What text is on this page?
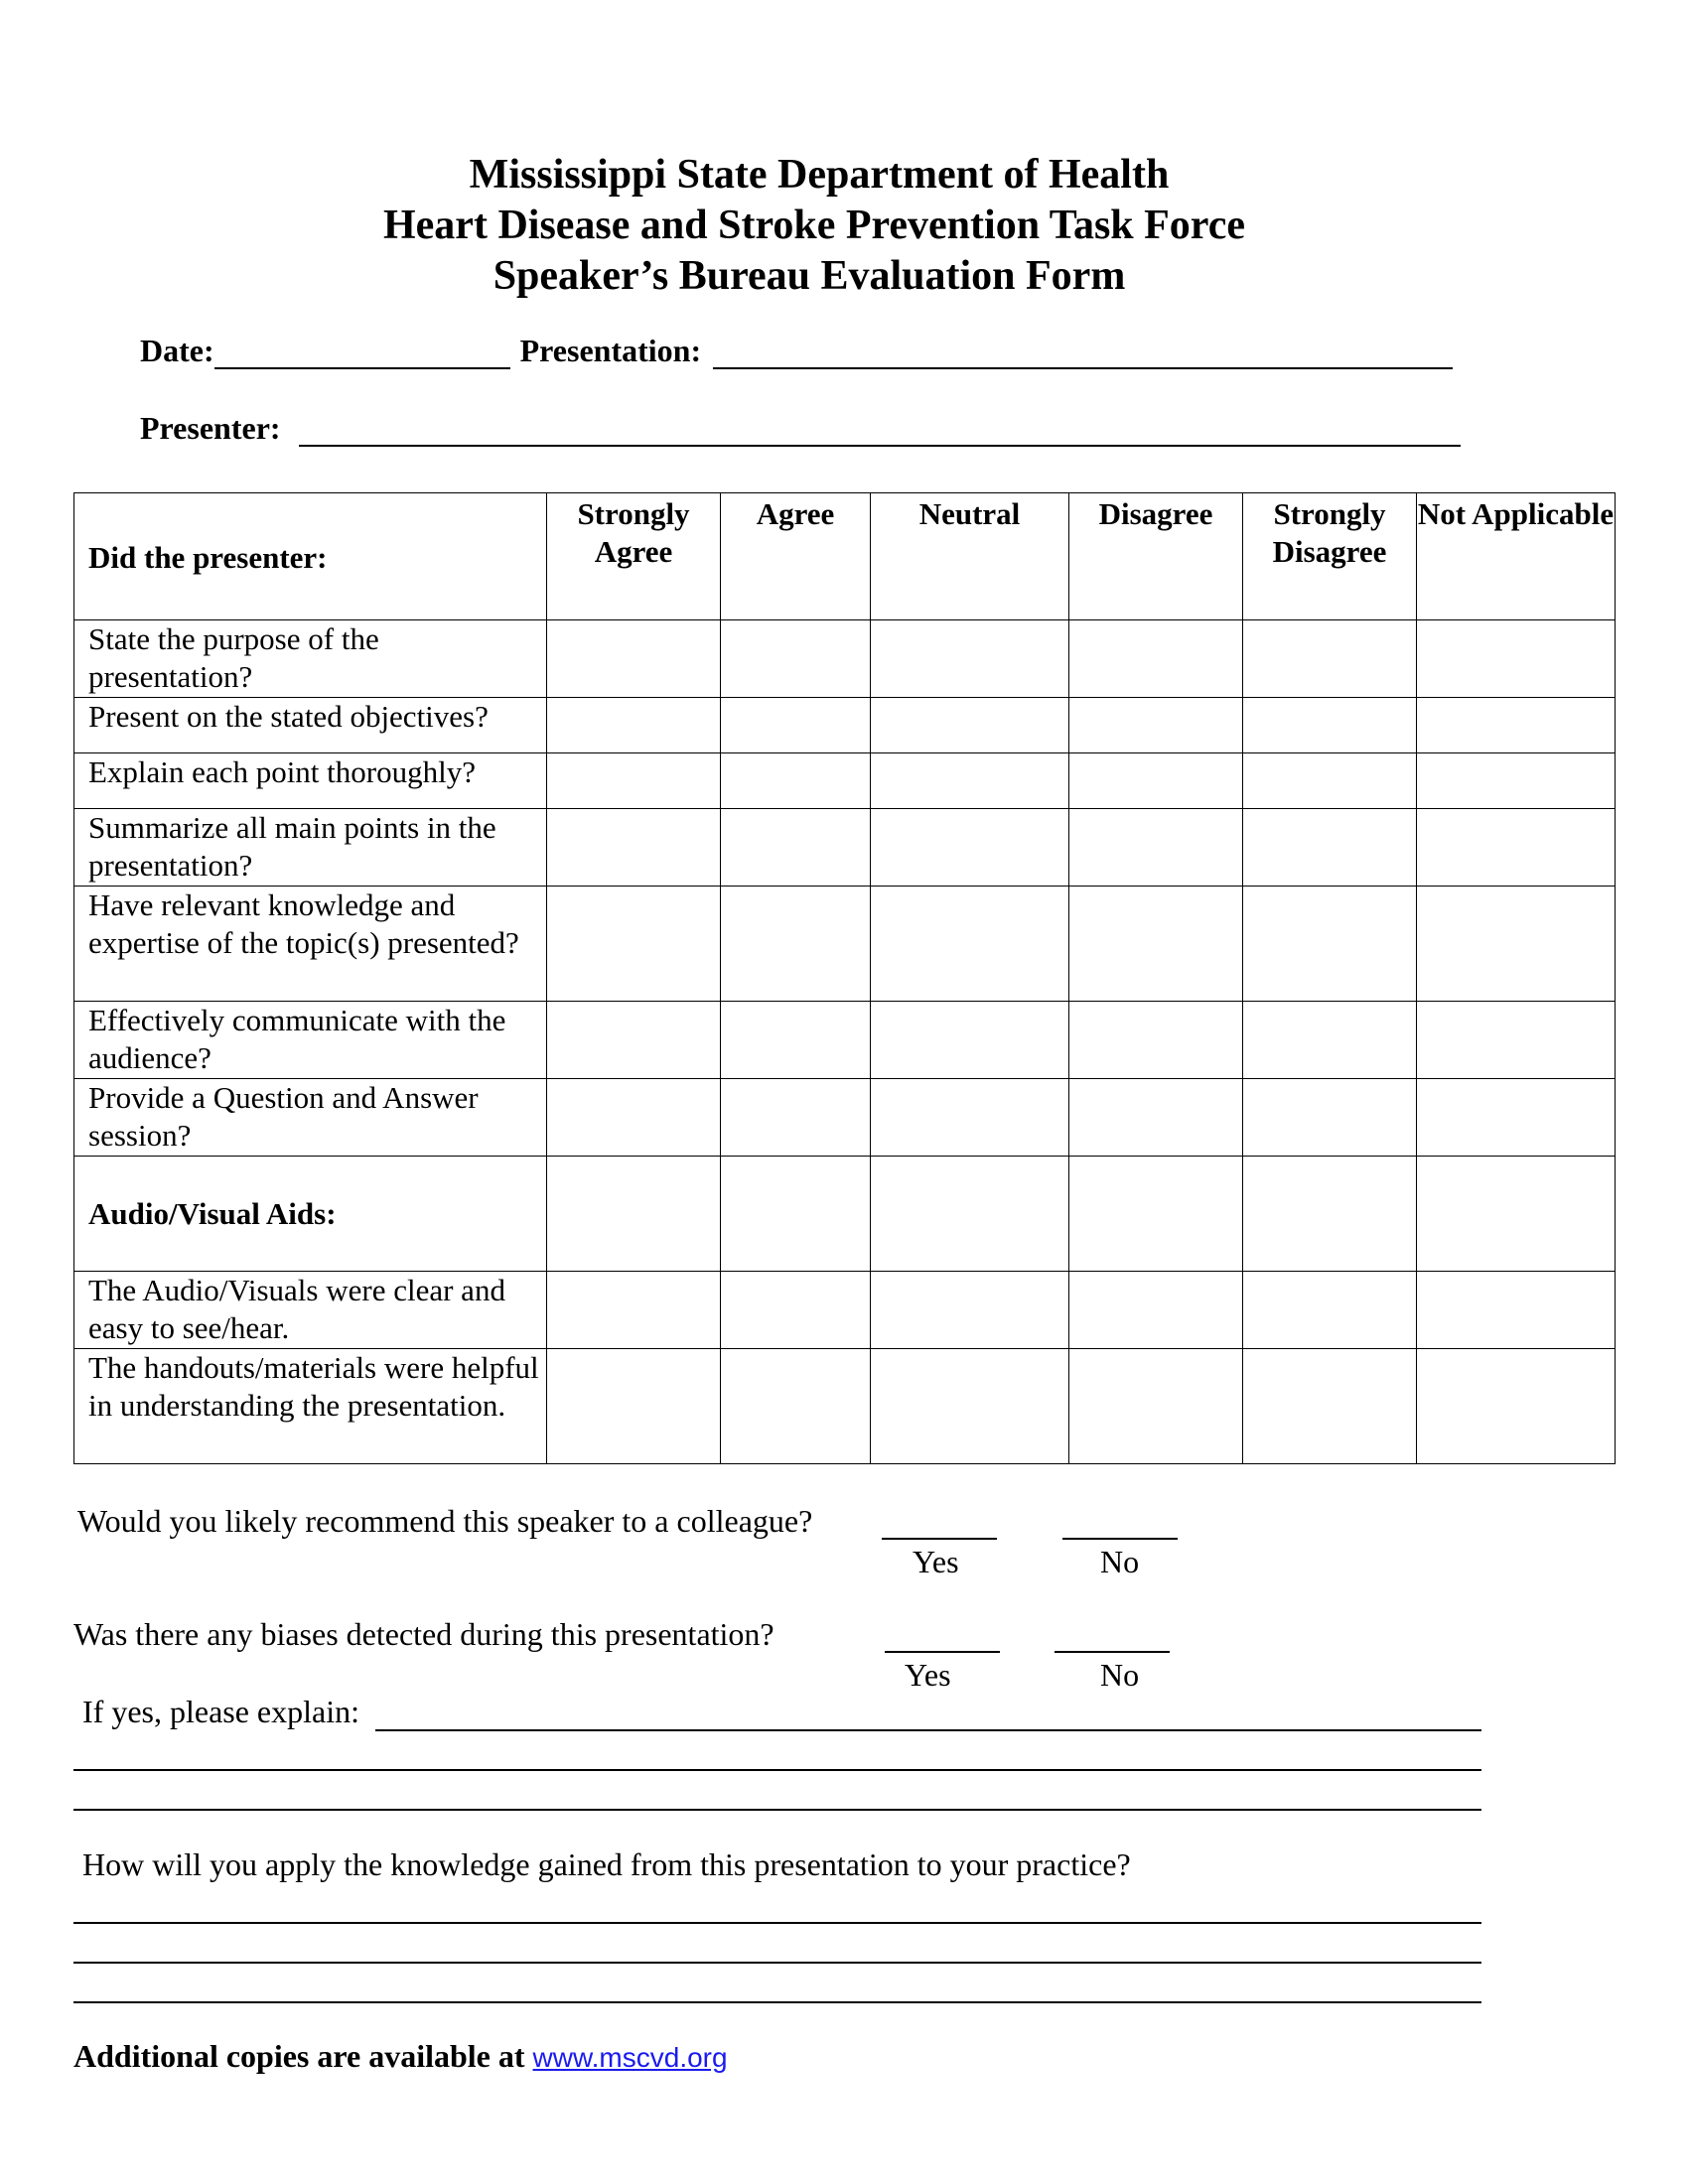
Mississippi State Department of Health
Heart Disease and Stroke Prevention Task Force
Speaker’s Bureau Evaluation Form
Date:	Presentation:
Presenter:
Did the presenter:	Strongly Agree	Agree	Neutral	Disagree	Strongly Disagree	Not Applicable
State the purpose of the presentation?						
Present on the stated objectives?						
Explain each point thoroughly?						
Summarize all main points in the presentation?						
Have relevant knowledge and expertise of the topic(s) presented?						
Effectively communicate with the audience?						
Provide a Question and Answer session?						
Audio/Visual Aids:						
The Audio/Visuals were clear and easy to see/hear.						
The handouts/materials were helpful in understanding the presentation.						
Would you likely recommend this speaker to a colleague?
Yes	No
Was there any biases detected during this presentation?
Yes	No
If yes, please explain:
How will you apply the knowledge gained from this presentation to your practice?
Additional copies are available at www.mscvd.org
